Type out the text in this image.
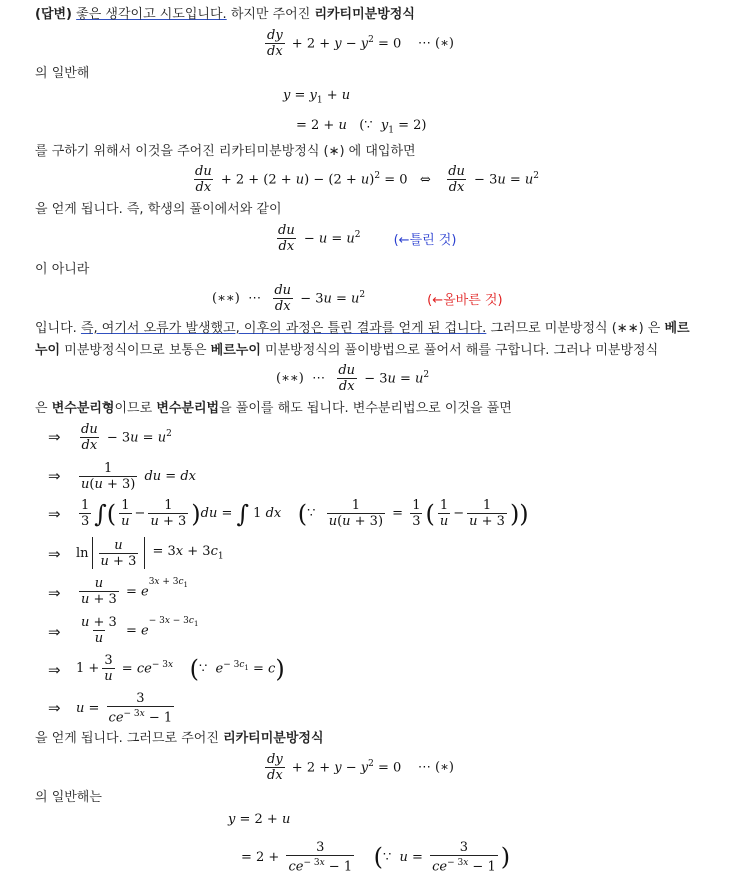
(답변) 좋은 생각이고 시도입니다. 하지만 주어진 리카티미분방정식
$\frac{dy}{dx} + 2 + y - y^2 = 0$ ⋯ (∗)
의 일반해
$y = y_1 + u$
= 2 + u   (∵  $y_1 = 2$)
를 구하기 위해서 이것을 주어진 리카티미분방정식 (∗) 에 대입하면
$\frac{du}{dx} + 2 + (2 + u) - (2 + u)^2 = 0$   ⇔ $\frac{du}{dx} - 3u = u^2$
을 얻게 됩니다. 즉, 학생의 풀이에서와 같이
$\frac{du}{dx} - u = u^2$	(←틀린 것)
이 아니라
(∗∗) ⋯ $\frac{du}{dx} - 3u = u^2$	(←올바른 것)
입니다. 즉, 여기서 오류가 발생했고, 이후의 과정은 틀린 결과를 얻게 된 겁니다. 그러므로 미분방정식 (∗∗) 은 베르
누이 미분방정식이므로 보통은 베르누이 미분방정식의 풀이방법으로 풀어서 해를 구합니다. 그러나 미분방정식
(∗∗) ⋯ $\frac{du}{dx} - 3u = u^2$
은 변수분리형이므로 변수분리법을 풀이를 해도 됩니다. 변수분리법으로 이것을 풀면
⇒ $\frac{du}{dx} - 3u = u^2$
⇒ $\frac{1}{u(u + 3)}$ du = dx
⇒ $\frac{1}{3}$ ∫ ( $\frac{1}{u} - \frac{1}{u + 3}$ ) du = ∫ 1 dx ( ∵ $\frac{1}{u(u + 3)} = \frac{1}{3}$ ( $\frac{1}{u} - \frac{1}{u + 3}$ ))
⇒ $\ln \frac{u}{u + 3} = 3x + 3c_1$
⇒ $\frac{u}{u + 3} = e^{3x + 3c_1}$
⇒ $\frac{u + 3}{u} = e^{- 3x - 3c_1}$
⇒ $1 + \frac{3}{u} = ce^{- 3x}$ ( ∵  $e^{- 3c_1} = c$ )
⇒ $u = \frac{3}{ce^{- 3x} - 1}$
을 얻게 됩니다. 그러므로 주어진 리카티미분방정식
$\frac{dy}{dx} + 2 + y - y^2 = 0$ ⋯ (∗)
의 일반해는
y = 2 + u
= $2 + \frac{3}{ce^{- 3x} - 1}$
( ∵  $u = \frac{3}{ce^{- 3x} - 1}$ )
